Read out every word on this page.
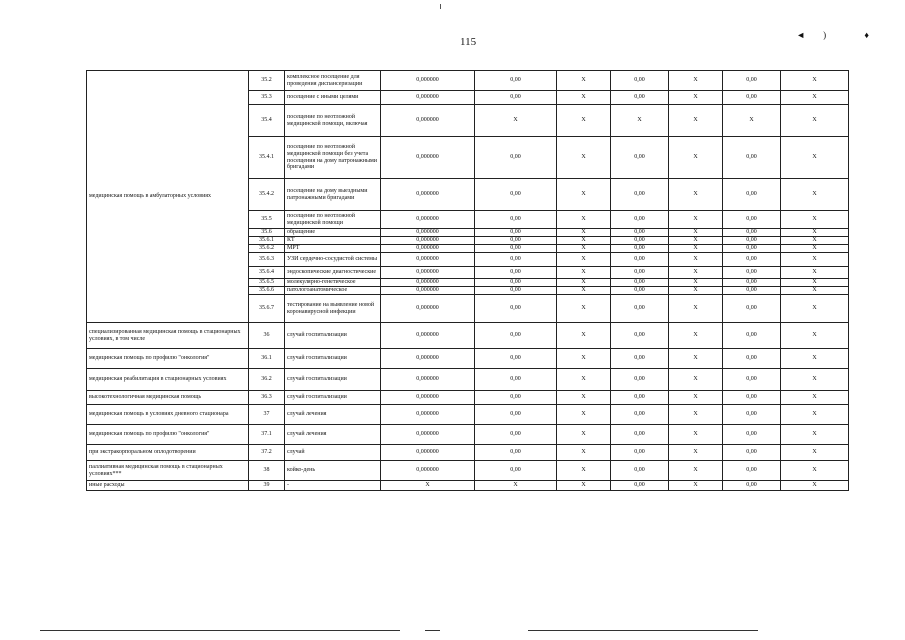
115
◄) ♦
медицинская помощь в амбулаторных условиях	35.2	комплексное посещение для проведения диспансеризации	0,000000	0,00	X	0,00	X	0,00	X
	35.3	посещение с иными целями	0,000000	0,00	X	0,00	X	0,00	X
	35.4	посещение по неотложной медицинской помощи, включая	0,000000	X	X	X	X	X	X
	35.4.1	посещение по неотложной медицинской помощи без учета посещения на дому патронажными бригадами	0,000000	0,00	X	0,00	X	0,00	X
	35.4.2	посещение на дому выездными патронажными бригадами	0,000000	0,00	X	0,00	X	0,00	X
	35.5	посещение по неотложной медицинской помощи	0,000000	0,00	X	0,00	X	0,00	X
	35.6	обращение	0,000000	0,00	X	0,00	X	0,00	X
	35.6.1	КТ	0,000000	0,00	X	0,00	X	0,00	X
	35.6.2	МРТ	0,000000	0,00	X	0,00	X	0,00	X
	35.6.3	УЗИ сердечно-сосудистой системы	0,000000	0,00	X	0,00	X	0,00	X
	35.6.4	эндоскопические диагностические	0,000000	0,00	X	0,00	X	0,00	X
	35.6.5	молекулярно-генетическое	0,000000	0,00	X	0,00	X	0,00	X
	35.6.6	патологоанатомическое	0,000000	0,00	X	0,00	X	0,00	X
	35.6.7	тестирование на выявление новой коронавирусной инфекции	0,000000	0,00	X	0,00	X	0,00	X
специализированная медицинская помощь в стационарных условиях, в том числе	36	случай госпитализации	0,000000	0,00	X	0,00	X	0,00	X
медицинская помощь по профилю "онкология"	36.1	случай госпитализации	0,000000	0,00	X	0,00	X	0,00	X
медицинская реабилитация в стационарных условиях	36.2	случай госпитализации	0,000000	0,00	X	0,00	X	0,00	X
высокотехнологичная медицинская помощь	36.3	случай госпитализации	0,000000	0,00	X	0,00	X	0,00	X
медицинская помощь в условиях дневного стационара	37	случай лечения	0,000000	0,00	X	0,00	X	0,00	X
медицинская помощь по профилю "онкология"	37.1	случай лечения	0,000000	0,00	X	0,00	X	0,00	X
при экстракорпоральном оплодотворении	37.2	случай	0,000000	0,00	X	0,00	X	0,00	X
паллиативная медицинская помощь в стационарных условиях***	38	койко-день	0,000000	0,00	X	0,00	X	0,00	X
иные расходы	39	-	X	X	X	0,00	X	0,00	X
